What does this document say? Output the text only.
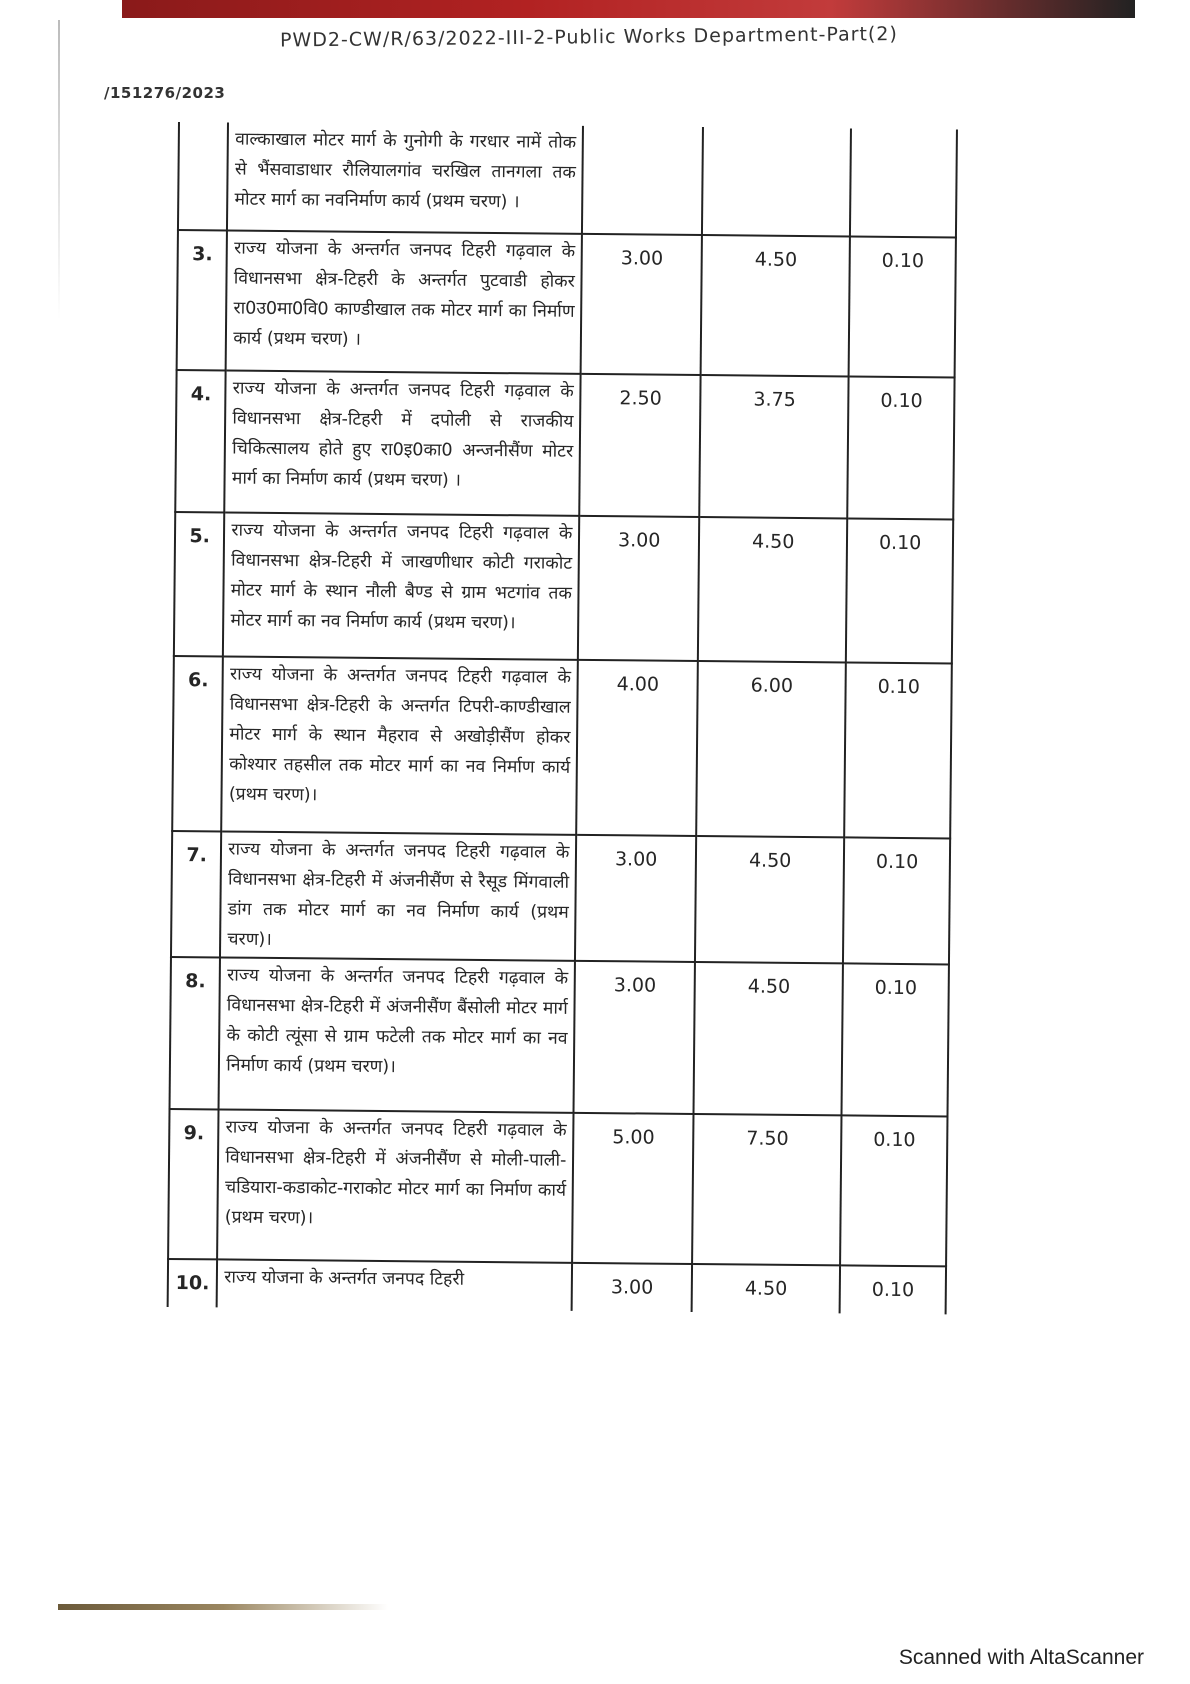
PWD2-CW/R/63/2022-III-2-Public Works Department-Part(2)
/151276/2023
	वाल्काखाल मोटर मार्ग के गुनोगी के गरधार नामें तोक से भैंसवाडाधार रौलियालगांव चरखिल तानगला तक मोटर मार्ग का नवनिर्माण कार्य (प्रथम चरण) ।			
3.	राज्य योजना के अन्तर्गत जनपद टिहरी गढ़वाल के विधानसभा क्षेत्र-टिहरी के अन्तर्गत पुटवाडी होकर रा0उ0मा0वि0 काण्डीखाल तक मोटर मार्ग का निर्माण कार्य (प्रथम चरण) ।	3.00	4.50	0.10
4.	राज्य योजना के अन्तर्गत जनपद टिहरी गढ़वाल के विधानसभा क्षेत्र-टिहरी में दपोली से राजकीय चिकित्सालय होते हुए रा0इ0का0 अन्जनीसैंण मोटर मार्ग का निर्माण कार्य (प्रथम चरण) ।	2.50	3.75	0.10
5.	राज्य योजना के अन्तर्गत जनपद टिहरी गढ़वाल के विधानसभा क्षेत्र-टिहरी में जाखणीधार कोटी गराकोट मोटर मार्ग के स्थान नौली बैण्ड से ग्राम भटगांव तक मोटर मार्ग का नव निर्माण कार्य (प्रथम चरण)।	3.00	4.50	0.10
6.	राज्य योजना के अन्तर्गत जनपद टिहरी गढ़वाल के विधानसभा क्षेत्र-टिहरी के अन्तर्गत टिपरी-काण्डीखाल मोटर मार्ग के स्थान मैहराव से अखोड़ीसैंण होकर कोश्यार तहसील तक मोटर मार्ग का नव निर्माण कार्य (प्रथम चरण)।	4.00	6.00	0.10
7.	राज्य योजना के अन्तर्गत जनपद टिहरी गढ़वाल के विधानसभा क्षेत्र-टिहरी में अंजनीसैंण से रैसूड मिंगवाली डांग तक मोटर मार्ग का नव निर्माण कार्य (प्रथम चरण)।	3.00	4.50	0.10
8.	राज्य योजना के अन्तर्गत जनपद टिहरी गढ़वाल के विधानसभा क्षेत्र-टिहरी में अंजनीसैंण बैंसोली मोटर मार्ग के कोटी त्यूंसा से ग्राम फटेली तक मोटर मार्ग का नव निर्माण कार्य (प्रथम चरण)।	3.00	4.50	0.10
9.	राज्य योजना के अन्तर्गत जनपद टिहरी गढ़वाल के विधानसभा क्षेत्र-टिहरी में अंजनीसैंण से मोली-पाली-चडियारा-कडाकोट-गराकोट मोटर मार्ग का निर्माण कार्य (प्रथम चरण)।	5.00	7.50	0.10
10.	राज्य योजना के अन्तर्गत जनपद टिहरी	3.00	4.50	0.10
Scanned with AltaScanner
